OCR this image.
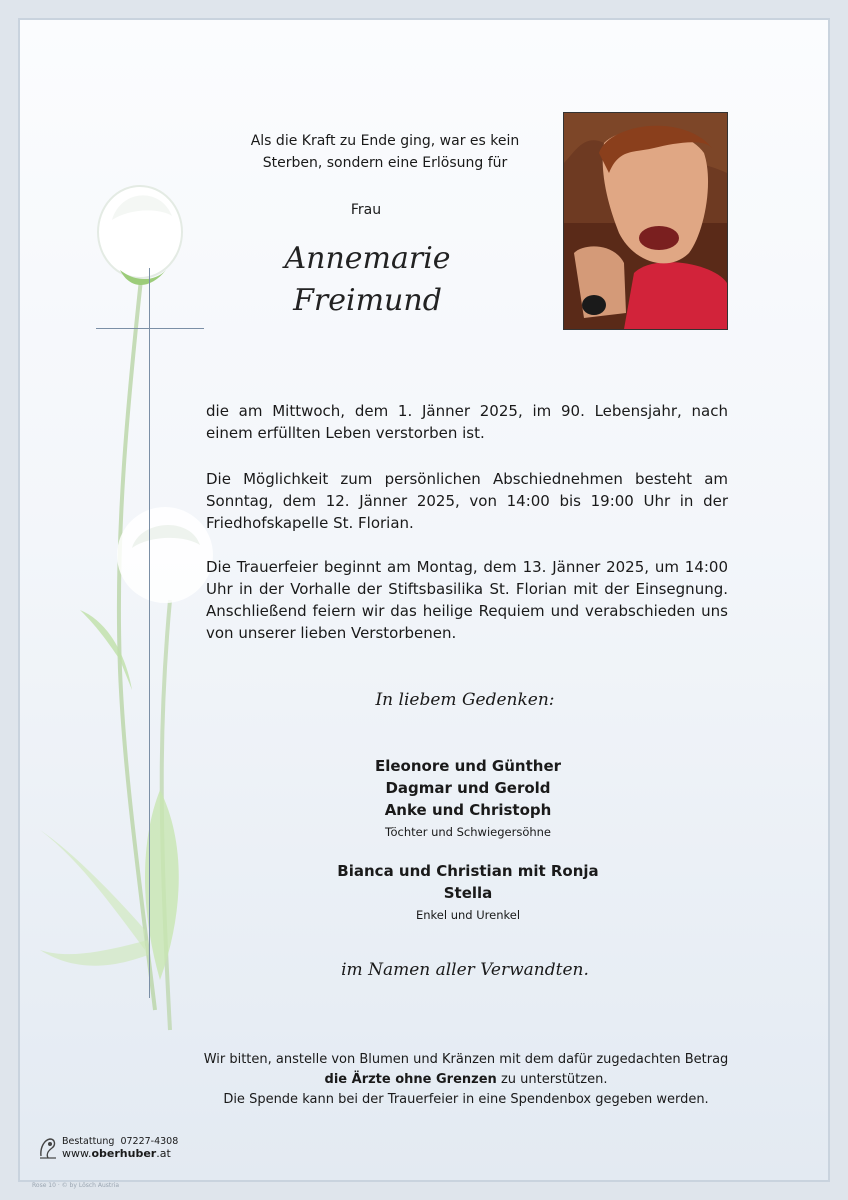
Als die Kraft zu Ende ging, war es kein
Sterben, sondern eine Erlösung für
Frau
Annemarie
Freimund
die am Mittwoch, dem 1. Jänner 2025, im 90. Lebensjahr, nach einem erfüllten Leben verstorben ist.
Die Möglichkeit zum persönlichen Abschiednehmen besteht am Sonntag, dem 12. Jänner 2025, von 14:00 bis 19:00 Uhr in der Friedhofskapelle St. Florian.
Die Trauerfeier beginnt am Montag, dem 13. Jänner 2025, um 14:00 Uhr in der Vorhalle der Stiftsbasilika St. Florian mit der Einsegnung. Anschließend feiern wir das heilige Requiem und verabschieden uns von unserer lieben Verstorbenen.
In liebem Gedenken:
Eleonore und Günther
Dagmar und Gerold
Anke und Christoph
Töchter und Schwiegersöhne
Bianca und Christian mit Ronja
Stella
Enkel und Urenkel
im Namen aller Verwandten.
Wir bitten, anstelle von Blumen und Kränzen mit dem dafür zugedachten Betrag
die Ärzte ohne Grenzen zu unterstützen.
Die Spende kann bei der Trauerfeier in eine Spendenbox gegeben werden.
Bestattung 07227-4308
www.oberhuber.at
Rose 10 · © by Lösch Austria
